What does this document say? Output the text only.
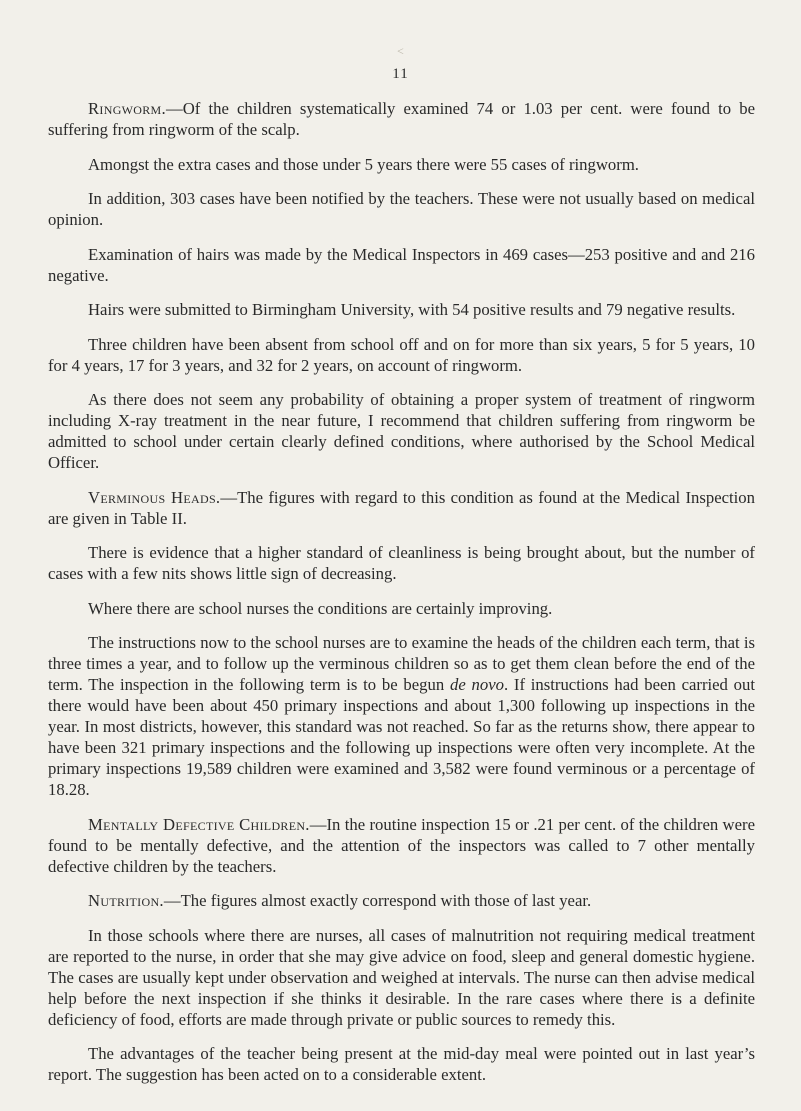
<
11

Ringworm.—Of the children systematically examined 74 or 1.03 per cent. were found to be suffering from ringworm of the scalp.

Amongst the extra cases and those under 5 years there were 55 cases of ringworm.

In addition, 303 cases have been notified by the teachers. These were not usually based on medical opinion.

Examination of hairs was made by the Medical Inspectors in 469 cases—253 positive and and 216 negative.

Hairs were submitted to Birmingham University, with 54 positive results and 79 negative results.

Three children have been absent from school off and on for more than six years, 5 for 5 years, 10 for 4 years, 17 for 3 years, and 32 for 2 years, on account of ringworm.

As there does not seem any probability of obtaining a proper system of treatment of ringworm including X-ray treatment in the near future, I recommend that children suffering from ringworm be admitted to school under certain clearly defined conditions, where authorised by the School Medical Officer.

Verminous Heads.—The figures with regard to this condition as found at the Medical Inspection are given in Table II.

There is evidence that a higher standard of cleanliness is being brought about, but the number of cases with a few nits shows little sign of decreasing.

Where there are school nurses the conditions are certainly improving.

The instructions now to the school nurses are to examine the heads of the children each term, that is three times a year, and to follow up the verminous children so as to get them clean before the end of the term. The inspection in the following term is to be begun de novo. If instructions had been carried out there would have been about 450 primary inspections and about 1,300 following up inspections in the year. In most districts, however, this standard was not reached. So far as the returns show, there appear to have been 321 primary inspections and the following up inspections were often very incomplete. At the primary inspections 19,589 children were examined and 3,582 were found verminous or a percentage of 18.28.

Mentally Defective Children.—In the routine inspection 15 or .21 per cent. of the children were found to be mentally defective, and the attention of the inspectors was called to 7 other mentally defective children by the teachers.

Nutrition.—The figures almost exactly correspond with those of last year.

In those schools where there are nurses, all cases of malnutrition not requiring medical treatment are reported to the nurse, in order that she may give advice on food, sleep and general domestic hygiene. The cases are usually kept under observation and weighed at intervals. The nurse can then advise medical help before the next inspection if she thinks it desirable. In the rare cases where there is a definite deficiency of food, efforts are made through private or public sources to remedy this.

The advantages of the teacher being present at the mid-day meal were pointed out in last year’s report. The suggestion has been acted on to a considerable extent.
